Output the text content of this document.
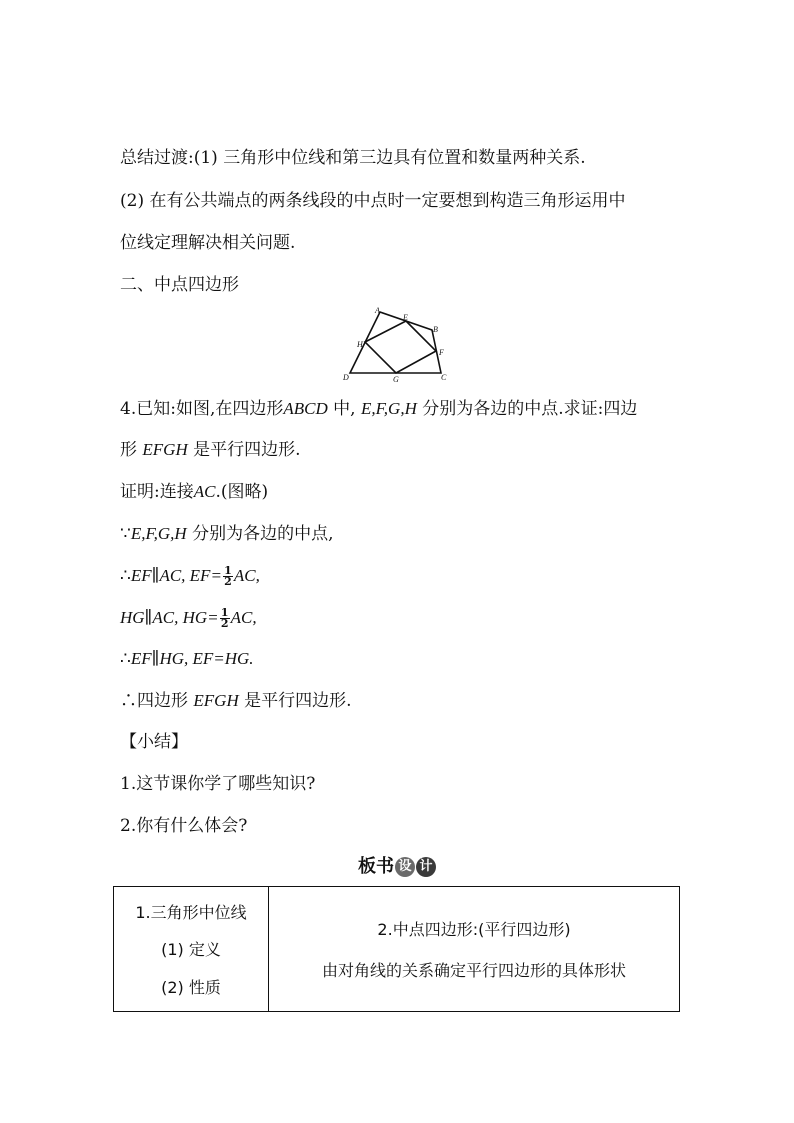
总结过渡:(1) 三角形中位线和第三边具有位置和数量两种关系.
(2) 在有公共端点的两条线段的中点时一定要想到构造三角形运用中
位线定理解决相关问题.
二、中点四边形
A
B
C
D
E
F
G
H
4.已知:如图,在四边形ABCD 中, E,F,G,H 分别为各边的中点.求证:四边
形 EFGH 是平行四边形.
证明:连接AC.(图略)
∵E,F,G,H 分别为各边的中点,
∴EF∥AC, $EF= \frac{1}{2}$ AC,
HG∥AC, $HG= \frac{1}{2}$ AC,
∴EF∥HG, EF=HG.
∴四边形 EFGH 是平行四边形.
【小结】
1.这节课你学了哪些知识?
2.你有什么体会?
板书 设 计
1.三角形中位线
(1) 定义
(2) 性质
2.中点四边形:(平行四边形)
由对角线的关系确定平行四边形的具体形状
